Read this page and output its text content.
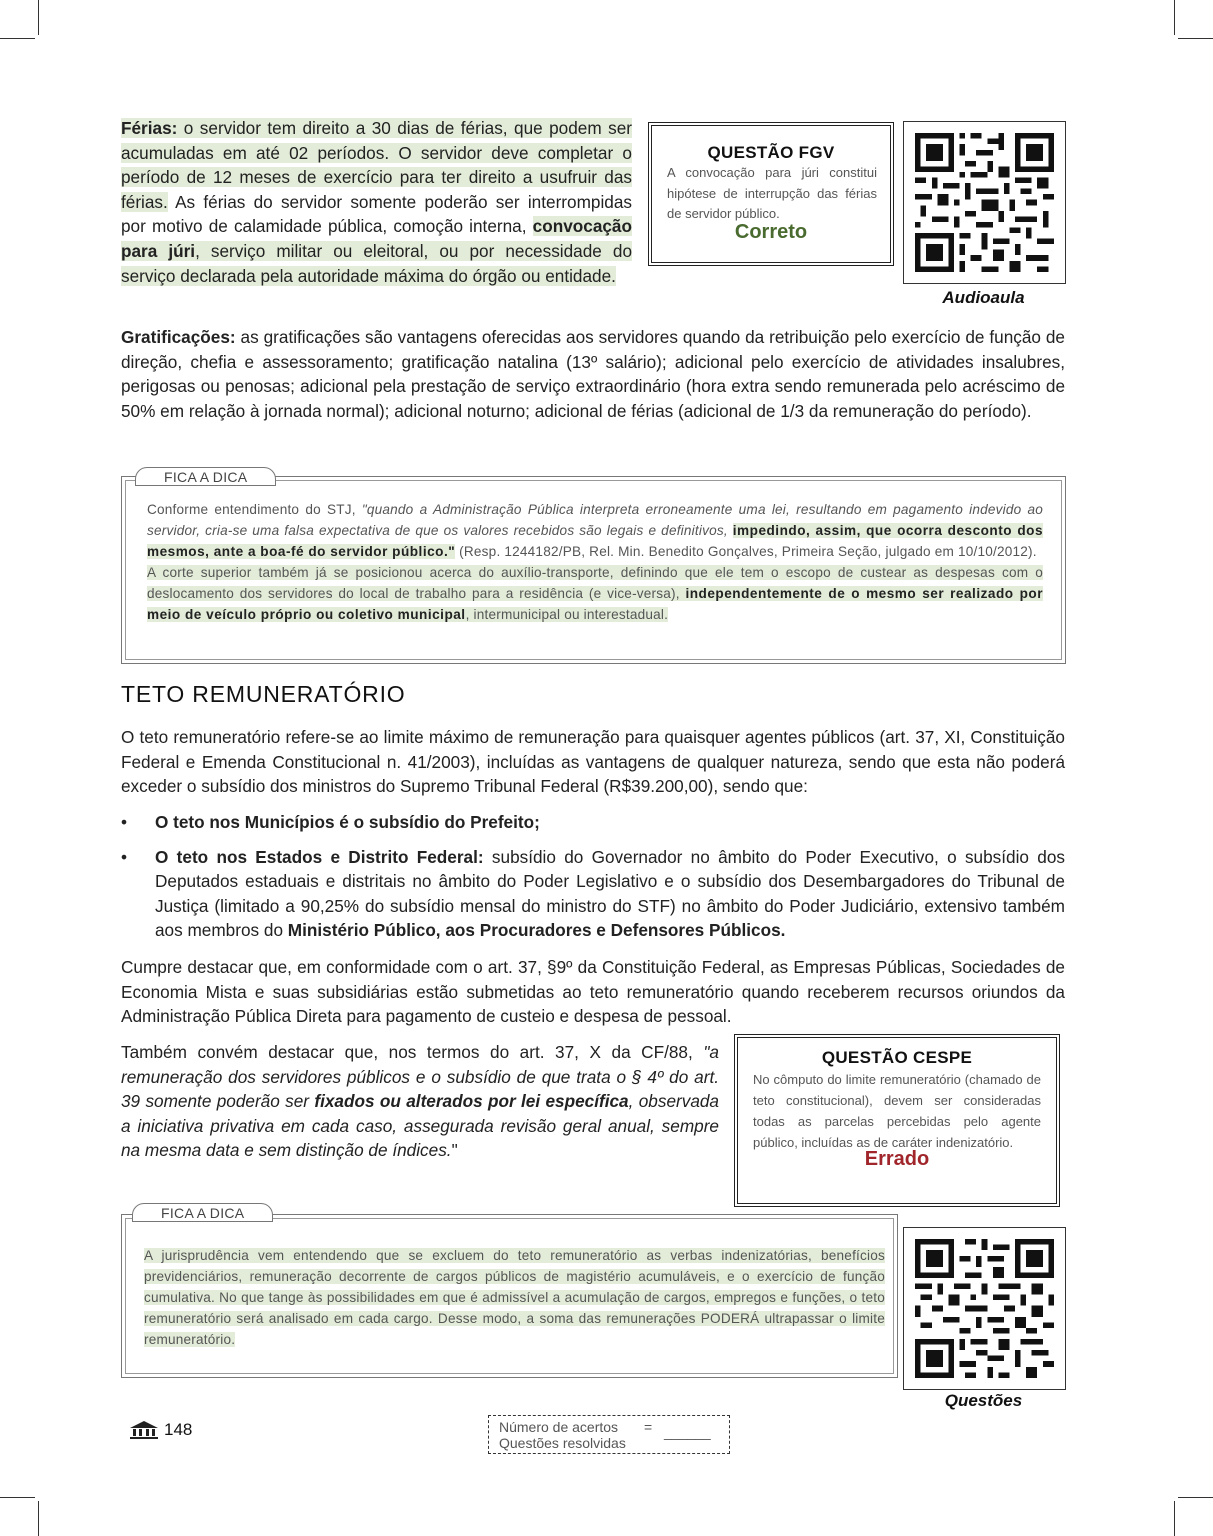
Férias: o servidor tem direito a 30 dias de férias, que podem ser acumuladas em até 02 períodos. O servidor deve completar o período de 12 meses de exercício para ter direito a usufruir das férias. As férias do servidor somente poderão ser interrompidas por motivo de calamidade pública, comoção interna, convocação para júri, serviço militar ou eleitoral, ou por necessidade do serviço declarada pela autoridade máxima do órgão ou entidade.

QUESTÃO FGV
A convocação para júri constitui hipótese de interrupção das férias de servidor público.
Correto
Audioaula

Gratificações: as gratificações são vantagens oferecidas aos servidores quando da retribuição pelo exercício de função de direção, chefia e assessoramento; gratificação natalina (13º salário); adicional pelo exercício de atividades insalubres, perigosas ou penosas; adicional pela prestação de serviço extraordinário (hora extra sendo remunerada pelo acréscimo de 50% em relação à jornada normal); adicional noturno; adicional de férias (adicional de 1/3 da remuneração do período).

Conforme entendimento do STJ, "quando a Administração Pública interpreta erroneamente uma lei, resultando em pagamento indevido ao servidor, cria-se uma falsa expectativa de que os valores recebidos são legais e definitivos, impedindo, assim, que ocorra desconto dos mesmos, ante a boa-fé do servidor público." (Resp. 1244182/PB, Rel. Min. Benedito Gonçalves, Primeira Seção, julgado em 10/10/2012).
A corte superior também já se posicionou acerca do auxílio-transporte, definindo que ele tem o escopo de custear as despesas com o deslocamento dos servidores do local de trabalho para a residência (e vice-versa), independentemente de o mesmo ser realizado por meio de veículo próprio ou coletivo municipal, intermunicipal ou interestadual.
FICA A DICA
TETO REMUNERATÓRIO

O teto remuneratório refere-se ao limite máximo de remuneração para quaisquer agentes públicos (art. 37, XI, Constituição Federal e Emenda Constitucional n. 41/2003), incluídas as vantagens de qualquer natureza, sendo que esta não poderá exceder o subsídio dos ministros do Supremo Tribunal Federal (R$39.200,00), sendo que:

• O teto nos Municípios é o subsídio do Prefeito;
• O teto nos Estados e Distrito Federal: subsídio do Governador no âmbito do Poder Executivo, o subsídio dos Deputados estaduais e distritais no âmbito do Poder Legislativo e o subsídio dos Desembargadores do Tribunal de Justiça (limitado a 90,25% do subsídio mensal do ministro do STF) no âmbito do Poder Judiciário, extensivo também aos membros do Ministério Público, aos Procuradores e Defensores Públicos.

Cumpre destacar que, em conformidade com o art. 37, §9º da Constituição Federal, as Empresas Públicas, Sociedades de Economia Mista e suas subsidiárias estão submetidas ao teto remuneratório quando receberem recursos oriundos da Administração Pública Direta para pagamento de custeio e despesa de pessoal.

Também convém destacar que, nos termos do art. 37, X da CF/88, "a remuneração dos servidores públicos e o subsídio de que trata o § 4º do art. 39 somente poderão ser fixados ou alterados por lei específica, observada a iniciativa privativa em cada caso, assegurada revisão geral anual, sempre na mesma data e sem distinção de índices."

QUESTÃO CESPE
No cômputo do limite remuneratório (chamado de teto constitucional), devem ser consideradas todas as parcelas percebidas pelo agente público, incluídas as de caráter indenizatório.
Errado
A jurisprudência vem entendendo que se excluem do teto remuneratório as verbas indenizatórias, benefícios previdenciários, remuneração decorrente de cargos públicos de magistério acumuláveis, e o exercício de função cumulativa. No que tange às possibilidades em que é admissível a acumulação de cargos, empregos e funções, o teto remuneratório será analisado em cada cargo. Desse modo, a soma das remunerações PODERÁ ultrapassar o limite remuneratório.
FICA A DICA
Questões
148	Número de acertos = ______
Questões resolvidas
